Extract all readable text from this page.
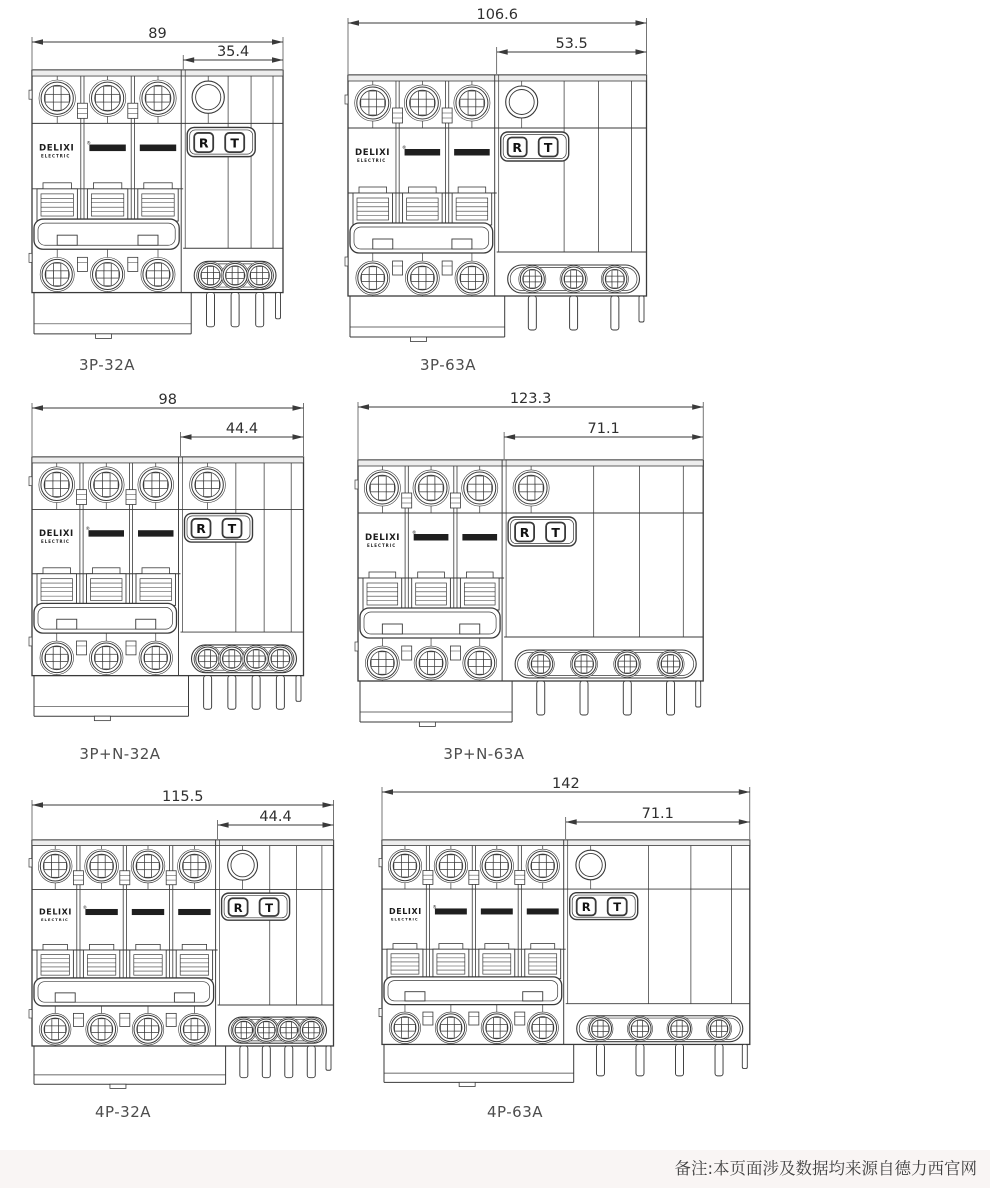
89
35.4
DELIXI	®
ELECTRIC
R T
3P-32A
106.6
53.5
DELIXI	®
ELECTRIC
R T
3P-63A
98
44.4
DELIXI	®
ELECTRIC
R T
3P+N-32A
123.3
71.1
DELIXI	®
ELECTRIC
R T
3P+N-63A
115.5
44.4
DELIXI
®
ELECTRIC
R T
4P-32A
142
71.1
DELIXI
®
ELECTRIC
R T
4P-63A
备注:本页面涉及数据均来源自德力西官网
